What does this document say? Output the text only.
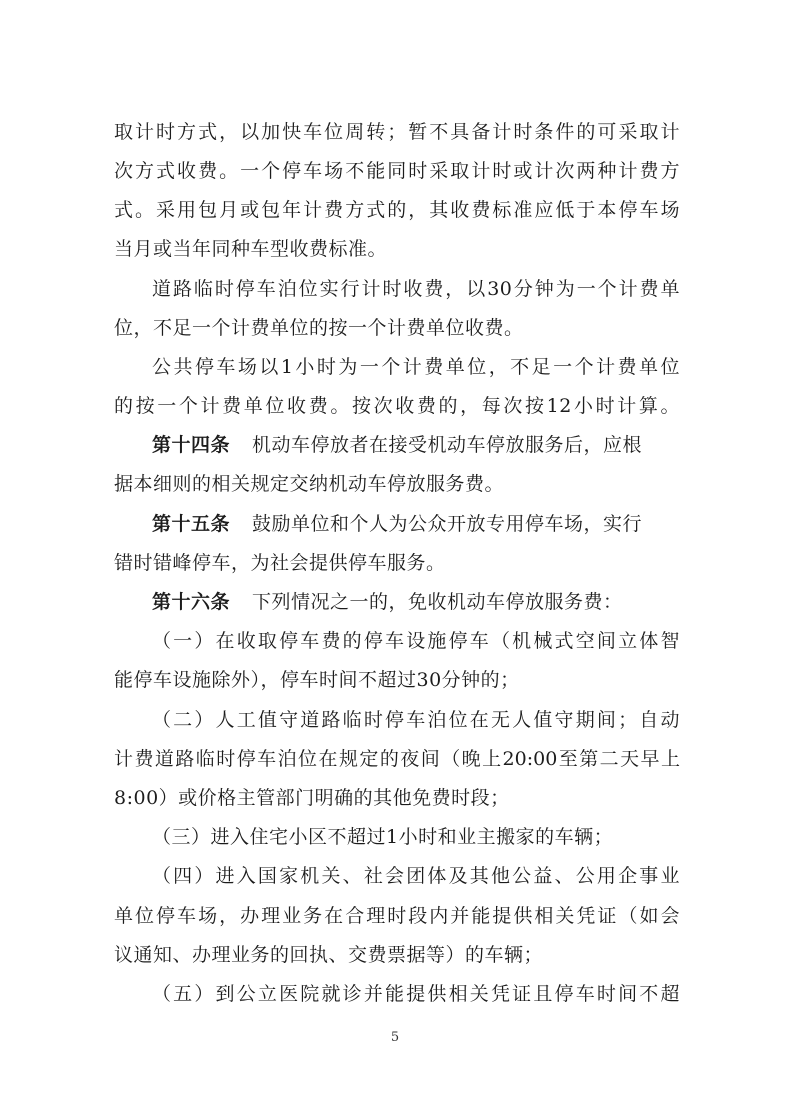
取计时方式，以加快车位周转；暂不具备计时条件的可采取计
次方式收费。一个停车场不能同时采取计时或计次两种计费方
式。采用包月或包年计费方式的，其收费标准应低于本停车场
当月或当年同种车型收费标准。
道路临时停车泊位实行计时收费，以30分钟为一个计费单
位，不足一个计费单位的按一个计费单位收费。
公共停车场以1小时为一个计费单位，不足一个计费单位
的按一个计费单位收费。按次收费的，每次按12小时计算。
第十四条 机动车停放者在接受机动车停放服务后，应根
据本细则的相关规定交纳机动车停放服务费。
第十五条 鼓励单位和个人为公众开放专用停车场，实行
错时错峰停车，为社会提供停车服务。
第十六条 下列情况之一的，免收机动车停放服务费：
（一）在收取停车费的停车设施停车（机械式空间立体智
能停车设施除外），停车时间不超过30分钟的；
（二）人工值守道路临时停车泊位在无人值守期间；自动
计费道路临时停车泊位在规定的夜间（晚上20:00至第二天早上
8:00）或价格主管部门明确的其他免费时段；
（三）进入住宅小区不超过1小时和业主搬家的车辆；
（四）进入国家机关、社会团体及其他公益、公用企事业
单位停车场，办理业务在合理时段内并能提供相关凭证（如会
议通知、办理业务的回执、交费票据等）的车辆；
（五）到公立医院就诊并能提供相关凭证且停车时间不超
5
